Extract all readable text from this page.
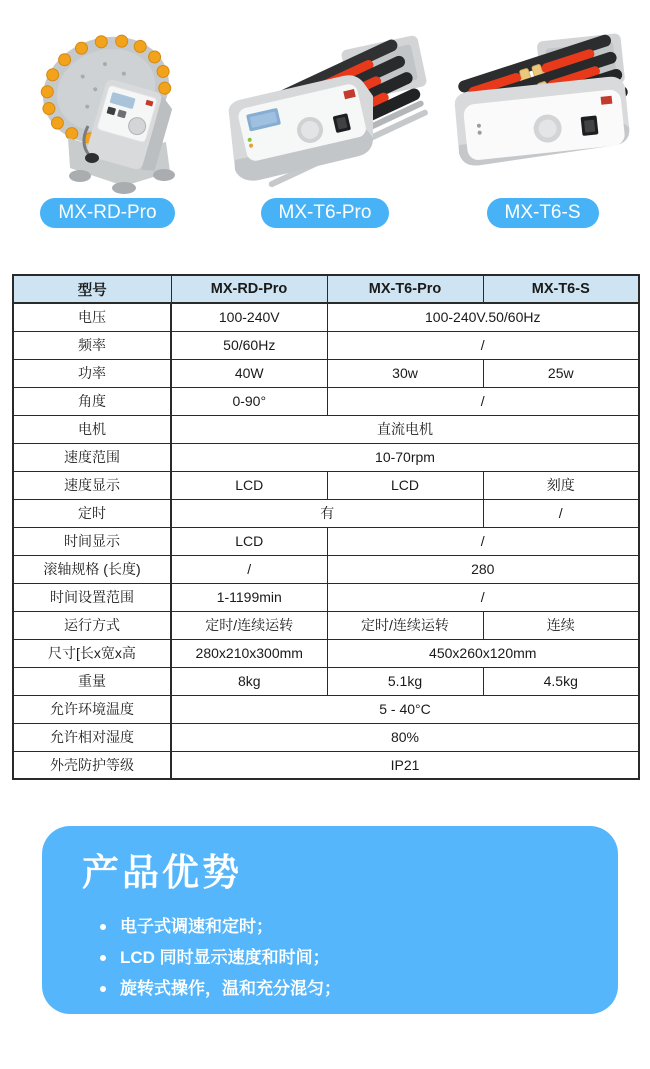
MX-RD-Pro	MX-T6-Pro	MX-T6-S
型号	MX-RD-Pro	MX-T6-Pro	MX-T6-S
电压	100-240V	100-240V.50/60Hz	
频率	50/60Hz	/	
功率	40W	30w	25w
角度	0-90°	/	
电机	直流电机		
速度范围	10-70rpm		
速度显示	LCD	LCD	刻度
定时	有		/
时间显示	LCD	/	
滚轴规格 (长度)	/	280	
时间设置范围	1-1199min	/	
运行方式	定时/连续运转	定时/连续运转	连续
尺寸[长x宽x高	280x210x300mm	450x260x120mm	
重量	8kg	5.1kg	4.5kg
允许环境温度	5 - 40°C		
允许相对湿度	80%		
外壳防护等级	IP21		
产品优势
电子式调速和定时；
LCD 同时显示速度和时间；
旋转式操作，温和充分混匀；
